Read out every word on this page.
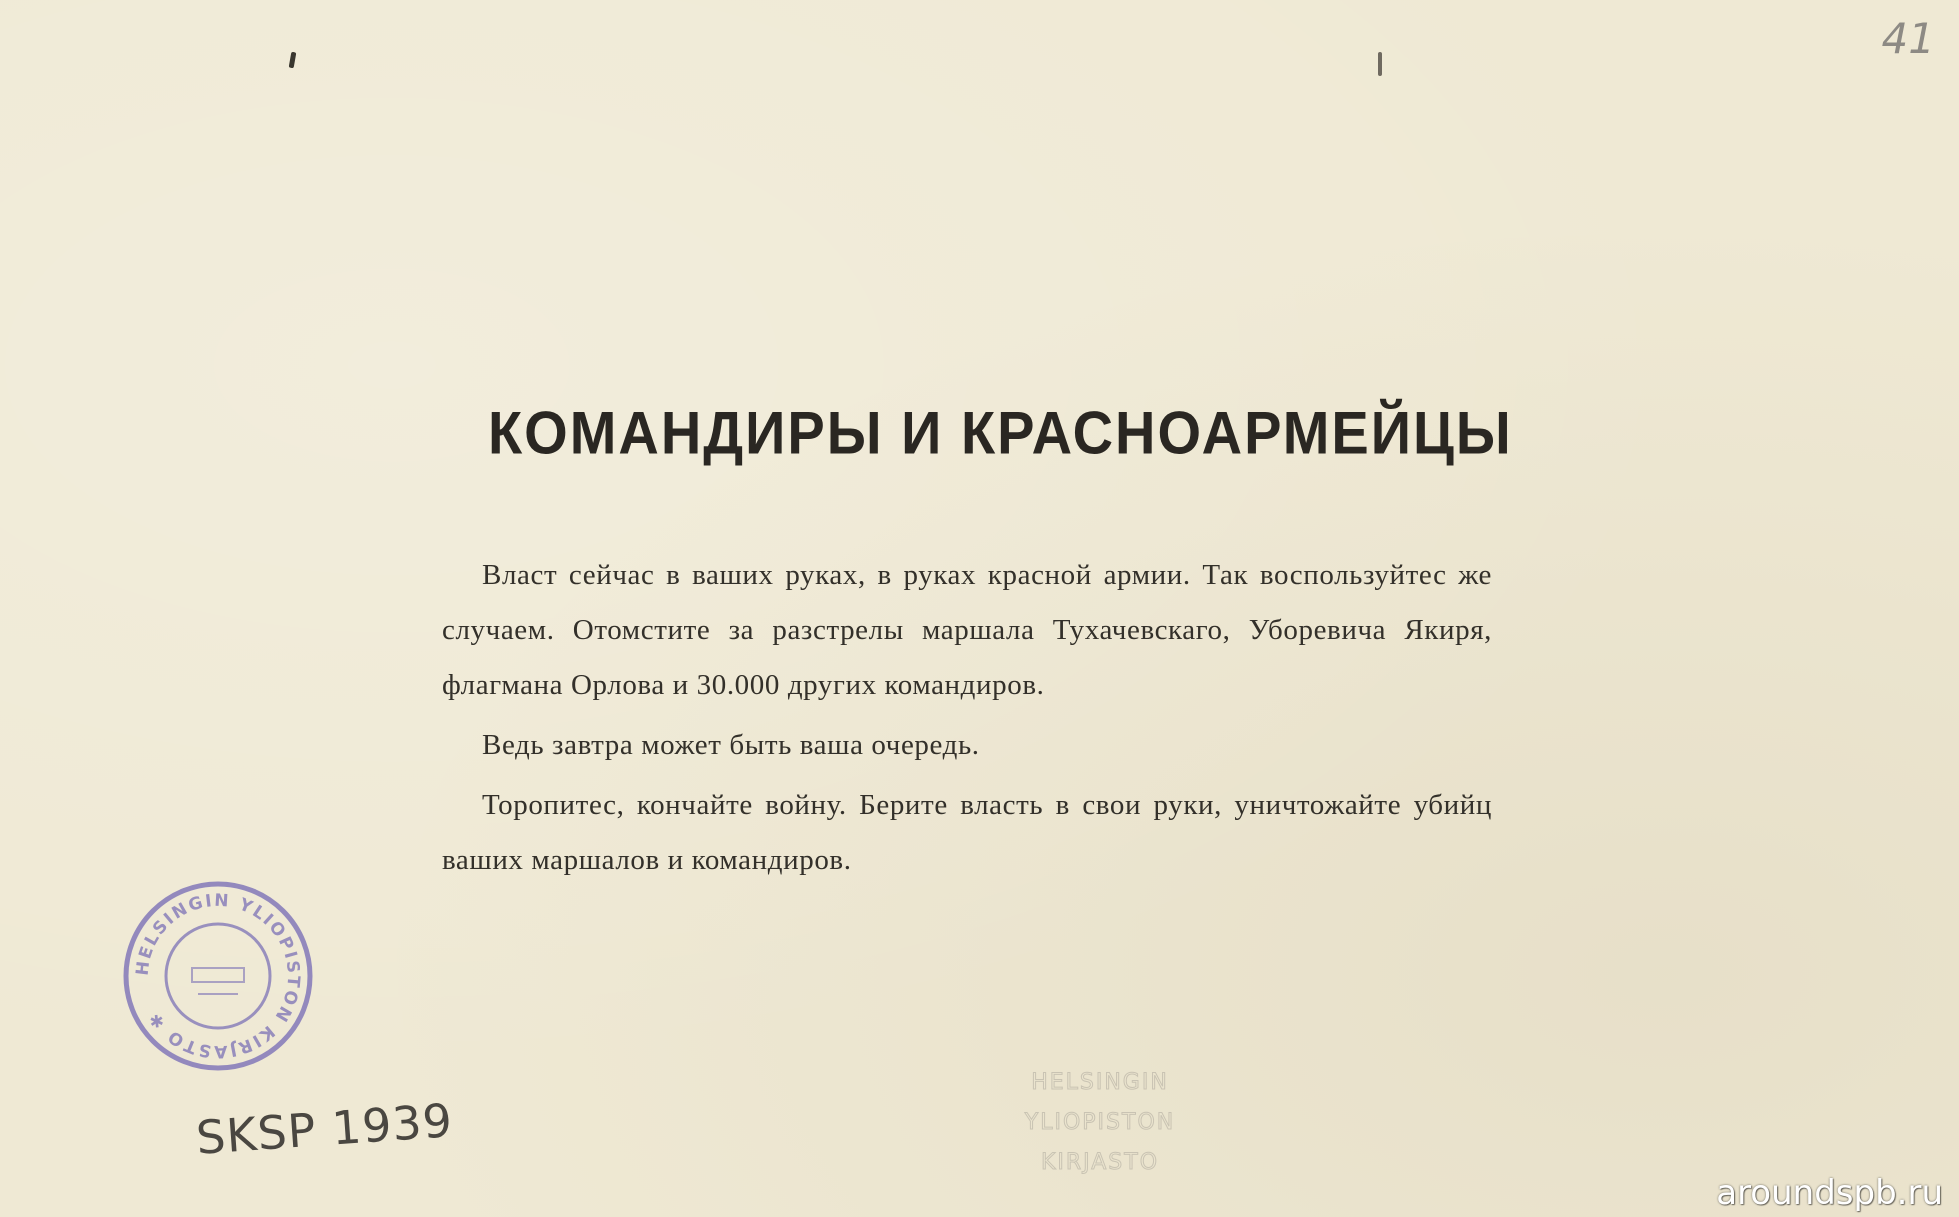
41
КОМАНДИРЫ И КРАСНОАРМЕЙЦЫ

Власт сейчас в ваших руках, в руках красной армии. Так воспользуйтес же случаем. Отомстите за разстрелы маршала Тухачевскаго, Уборевича Якиря, флагмана Орлова и 30.000 других командиров.

Ведь завтра может быть ваша очередь.

Торопитес, кончайте войну. Берите власть в свои руки, уничтожайте убийц ваших маршалов и командиров.

HELSINGIN YLIOPISTON KIRJASTO ✱
SKSP 1939
HELSINGIN
YLIOPISTON
KIRJASTO
aroundspb.ru
